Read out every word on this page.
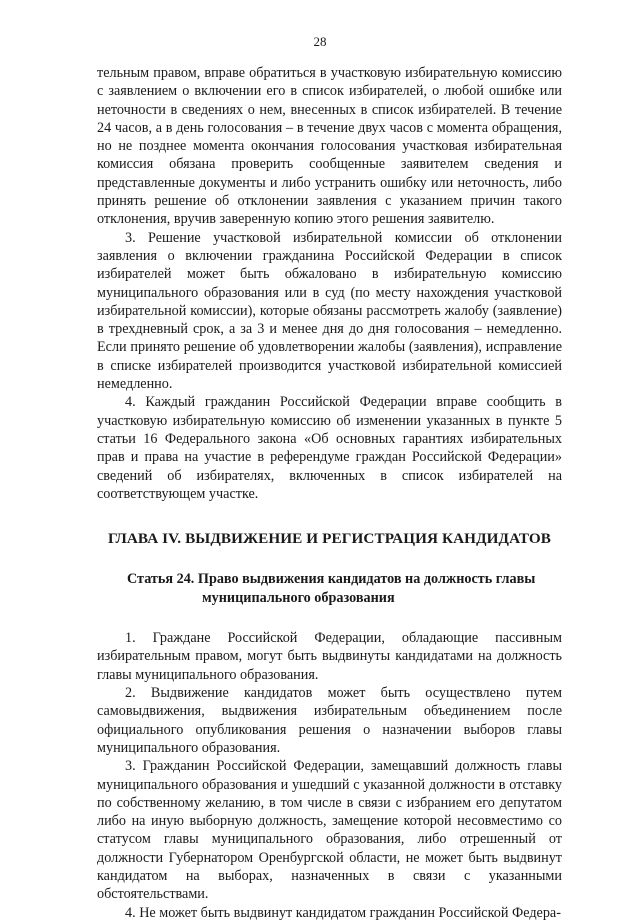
28

тельным правом, вправе обратиться в участковую избирательную комиссию с заявлением о включении его в список избирателей, о любой ошибке или неточности в сведениях о нем, внесенных в список избирателей. В течение 24 часов, а в день голосования – в течение двух часов с момента обращения, но не позднее момента окончания голосования участковая избирательная комиссия обязана проверить сообщенные заявителем сведения и представленные документы и либо устранить ошибку или неточность, либо принять решение об отклонении заявления с указанием причин такого отклонения, вручив заверенную копию этого решения заявителю.

3. Решение участковой избирательной комиссии об отклонении заявления о включении гражданина Российской Федерации в список избирателей может быть обжаловано в избирательную комиссию муниципального образования или в суд (по месту нахождения участковой избирательной комиссии), которые обязаны рассмотреть жалобу (заявление) в трехдневный срок, а за 3 и менее дня до дня голосования – немедленно. Если принято решение об удовлетворении жалобы (заявления), исправление в списке избирателей производится участковой избирательной комиссией немедленно.

4. Каждый гражданин Российской Федерации вправе сообщить в участковую избирательную комиссию об изменении указанных в пункте 5 статьи 16 Федерального закона «Об основных гарантиях избирательных прав и права на участие в референдуме граждан Российской Федерации» сведений об избирателях, включенных в список избирателей на соответствующем участке.

ГЛАВА IV. ВЫДВИЖЕНИЕ И РЕГИСТРАЦИЯ КАНДИДАТОВ
Статья 24. Право выдвижения кандидатов на должность главы
муниципального образования

1. Граждане Российской Федерации, обладающие пассивным избирательным правом, могут быть выдвинуты кандидатами на должность главы муниципального образования.

2. Выдвижение кандидатов может быть осуществлено путем самовыдвижения, выдвижения избирательным объединением после официального опубликования решения о назначении выборов главы муниципального образования.

3. Гражданин Российской Федерации, замещавший должность главы муниципального образования и ушедший с указанной должности в отставку по собственному желанию, в том числе в связи с избранием его депутатом либо на иную выборную должность, замещение которой несовместимо со статусом главы муниципального образования, либо отрешенный от должности Губернатором Оренбургской области, не может быть выдвинут кандидатом на выборах, назначенных в связи с указанными обстоятельствами.

4. Не может быть выдвинут кандидатом гражданин Российской Федера-
